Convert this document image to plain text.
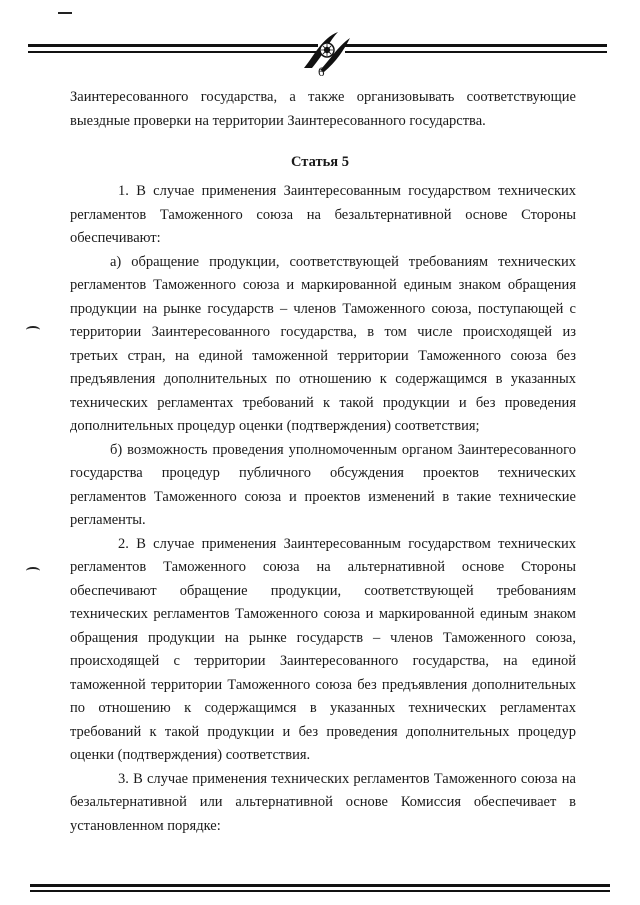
6

Заинтересованного государства, а также организовывать соответствующие выездные проверки на территории Заинтересованного государства.

Статья 5

1. В случае применения Заинтересованным государством технических регламентов Таможенного союза на безальтернативной основе Стороны обеспечивают:

а) обращение продукции, соответствующей требованиям технических регламентов Таможенного союза и маркированной единым знаком обращения продукции на рынке государств – членов Таможенного союза, поступающей с территории Заинтересованного государства, в том числе происходящей из третьих стран, на единой таможенной территории Таможенного союза без предъявления дополнительных по отношению к содержащимся в указанных технических регламентах требований к такой продукции и без проведения дополнительных процедур оценки (подтверждения) соответствия;

б) возможность проведения уполномоченным органом Заинтересованного государства процедур публичного обсуждения проектов технических регламентов Таможенного союза и проектов изменений в такие технические регламенты.

2. В случае применения Заинтересованным государством технических регламентов Таможенного союза на альтернативной основе Стороны обеспечивают обращение продукции, соответствующей требованиям технических регламентов Таможенного союза и маркированной единым знаком обращения продукции на рынке государств – членов Таможенного союза, происходящей с территории Заинтересованного государства, на единой таможенной территории Таможенного союза без предъявления дополнительных по отношению к содержащимся в указанных технических регламентах требований к такой продукции и без проведения дополнительных процедур оценки (подтверждения) соответствия.

3. В случае применения технических регламентов Таможенного союза на безальтернативной или альтернативной основе Комиссия обеспечивает в установленном порядке:
